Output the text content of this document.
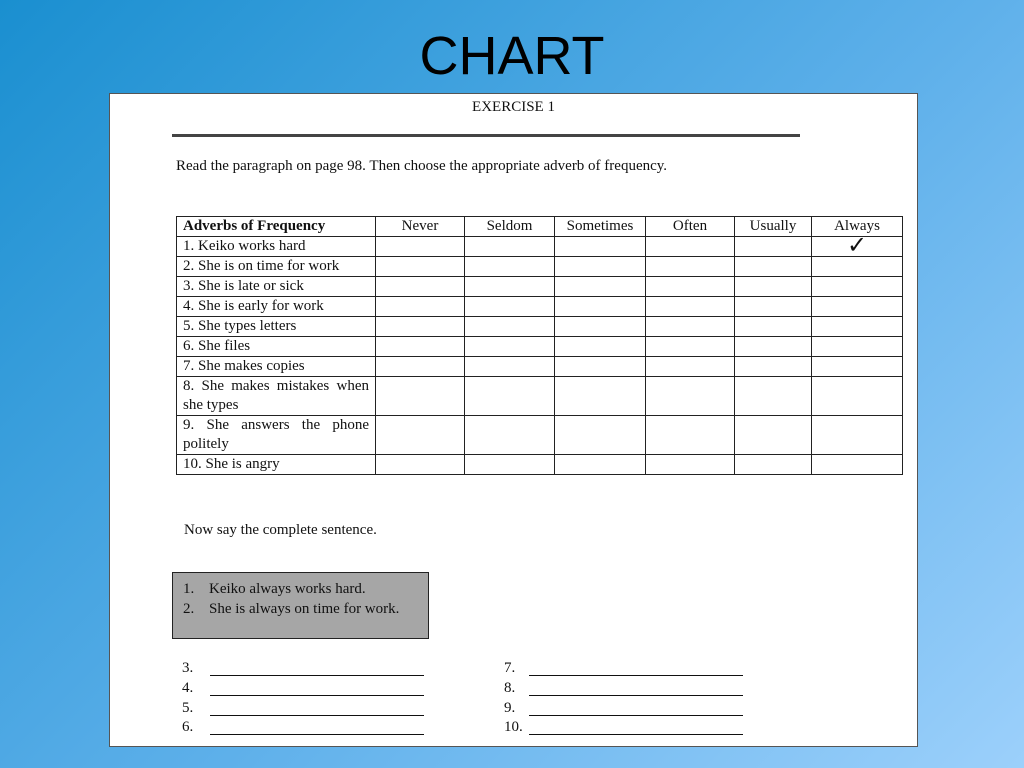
CHART
EXERCISE 1
Read the paragraph on page 98. Then choose the appropriate adverb of frequency.
Adverbs of Frequency	Never	Seldom	Sometimes	Often	Usually	Always
1. Keiko works hard						✓
2. She is on time for work						
3. She is late or sick						
4. She is early for work						
5. She types letters						
6. She files						
7. She makes copies						
8. She makes mistakes when she types						
9. She answers the phone politely						
10. She is angry						
Now say the complete sentence.
1. Keiko always works hard.
2. She is always on time for work.
3.
4.
5.
6.
7.
8.
9.
10.
